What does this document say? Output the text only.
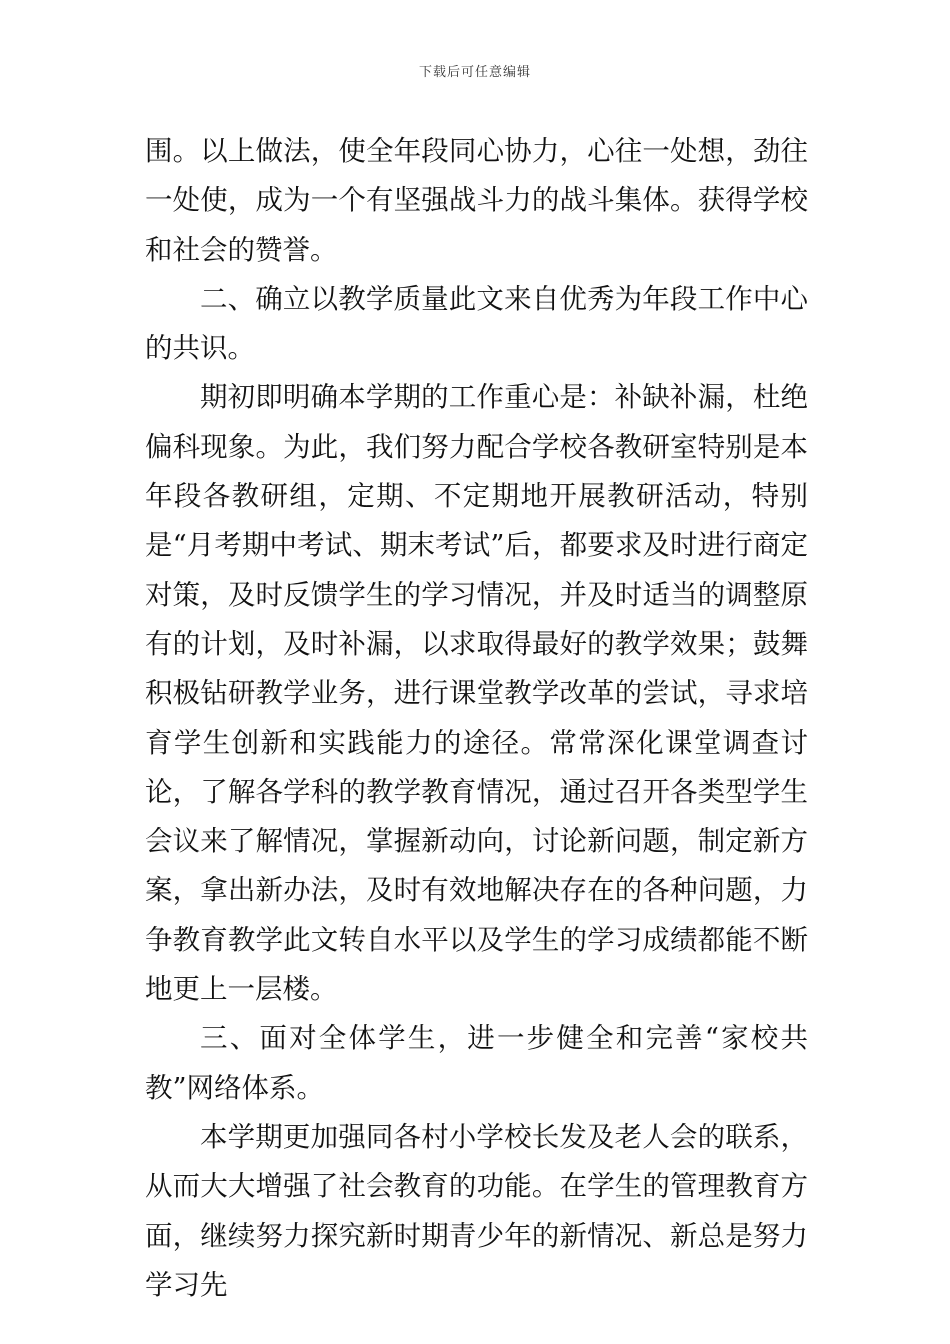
下载后可任意编辑

围。以上做法，使全年段同心协力，心往一处想，劲往一处使，成为一个有坚强战斗力的战斗集体。获得学校和社会的赞誉。

二、确立以教学质量此文来自优秀为年段工作中心的共识。

期初即明确本学期的工作重心是：补缺补漏，杜绝偏科现象。为此，我们努力配合学校各教研室特别是本年段各教研组，定期、不定期地开展教研活动，特别是“月考期中考试、期末考试”后，都要求及时进行商定对策，及时反馈学生的学习情况，并及时适当的调整原有的计划，及时补漏，以求取得最好的教学效果；鼓舞积极钻研教学业务，进行课堂教学改革的尝试，寻求培育学生创新和实践能力的途径。常常深化课堂调查讨论，了解各学科的教学教育情况，通过召开各类型学生会议来了解情况，掌握新动向，讨论新问题，制定新方案，拿出新办法，及时有效地解决存在的各种问题，力争教育教学此文转自水平以及学生的学习成绩都能不断地更上一层楼。

三、面对全体学生，进一步健全和完善“家校共教”网络体系。

本学期更加强同各村小学校长发及老人会的联系，从而大大增强了社会教育的功能。在学生的管理教育方面，继续努力探究新时期青少年的新情况、新总是努力学习先
